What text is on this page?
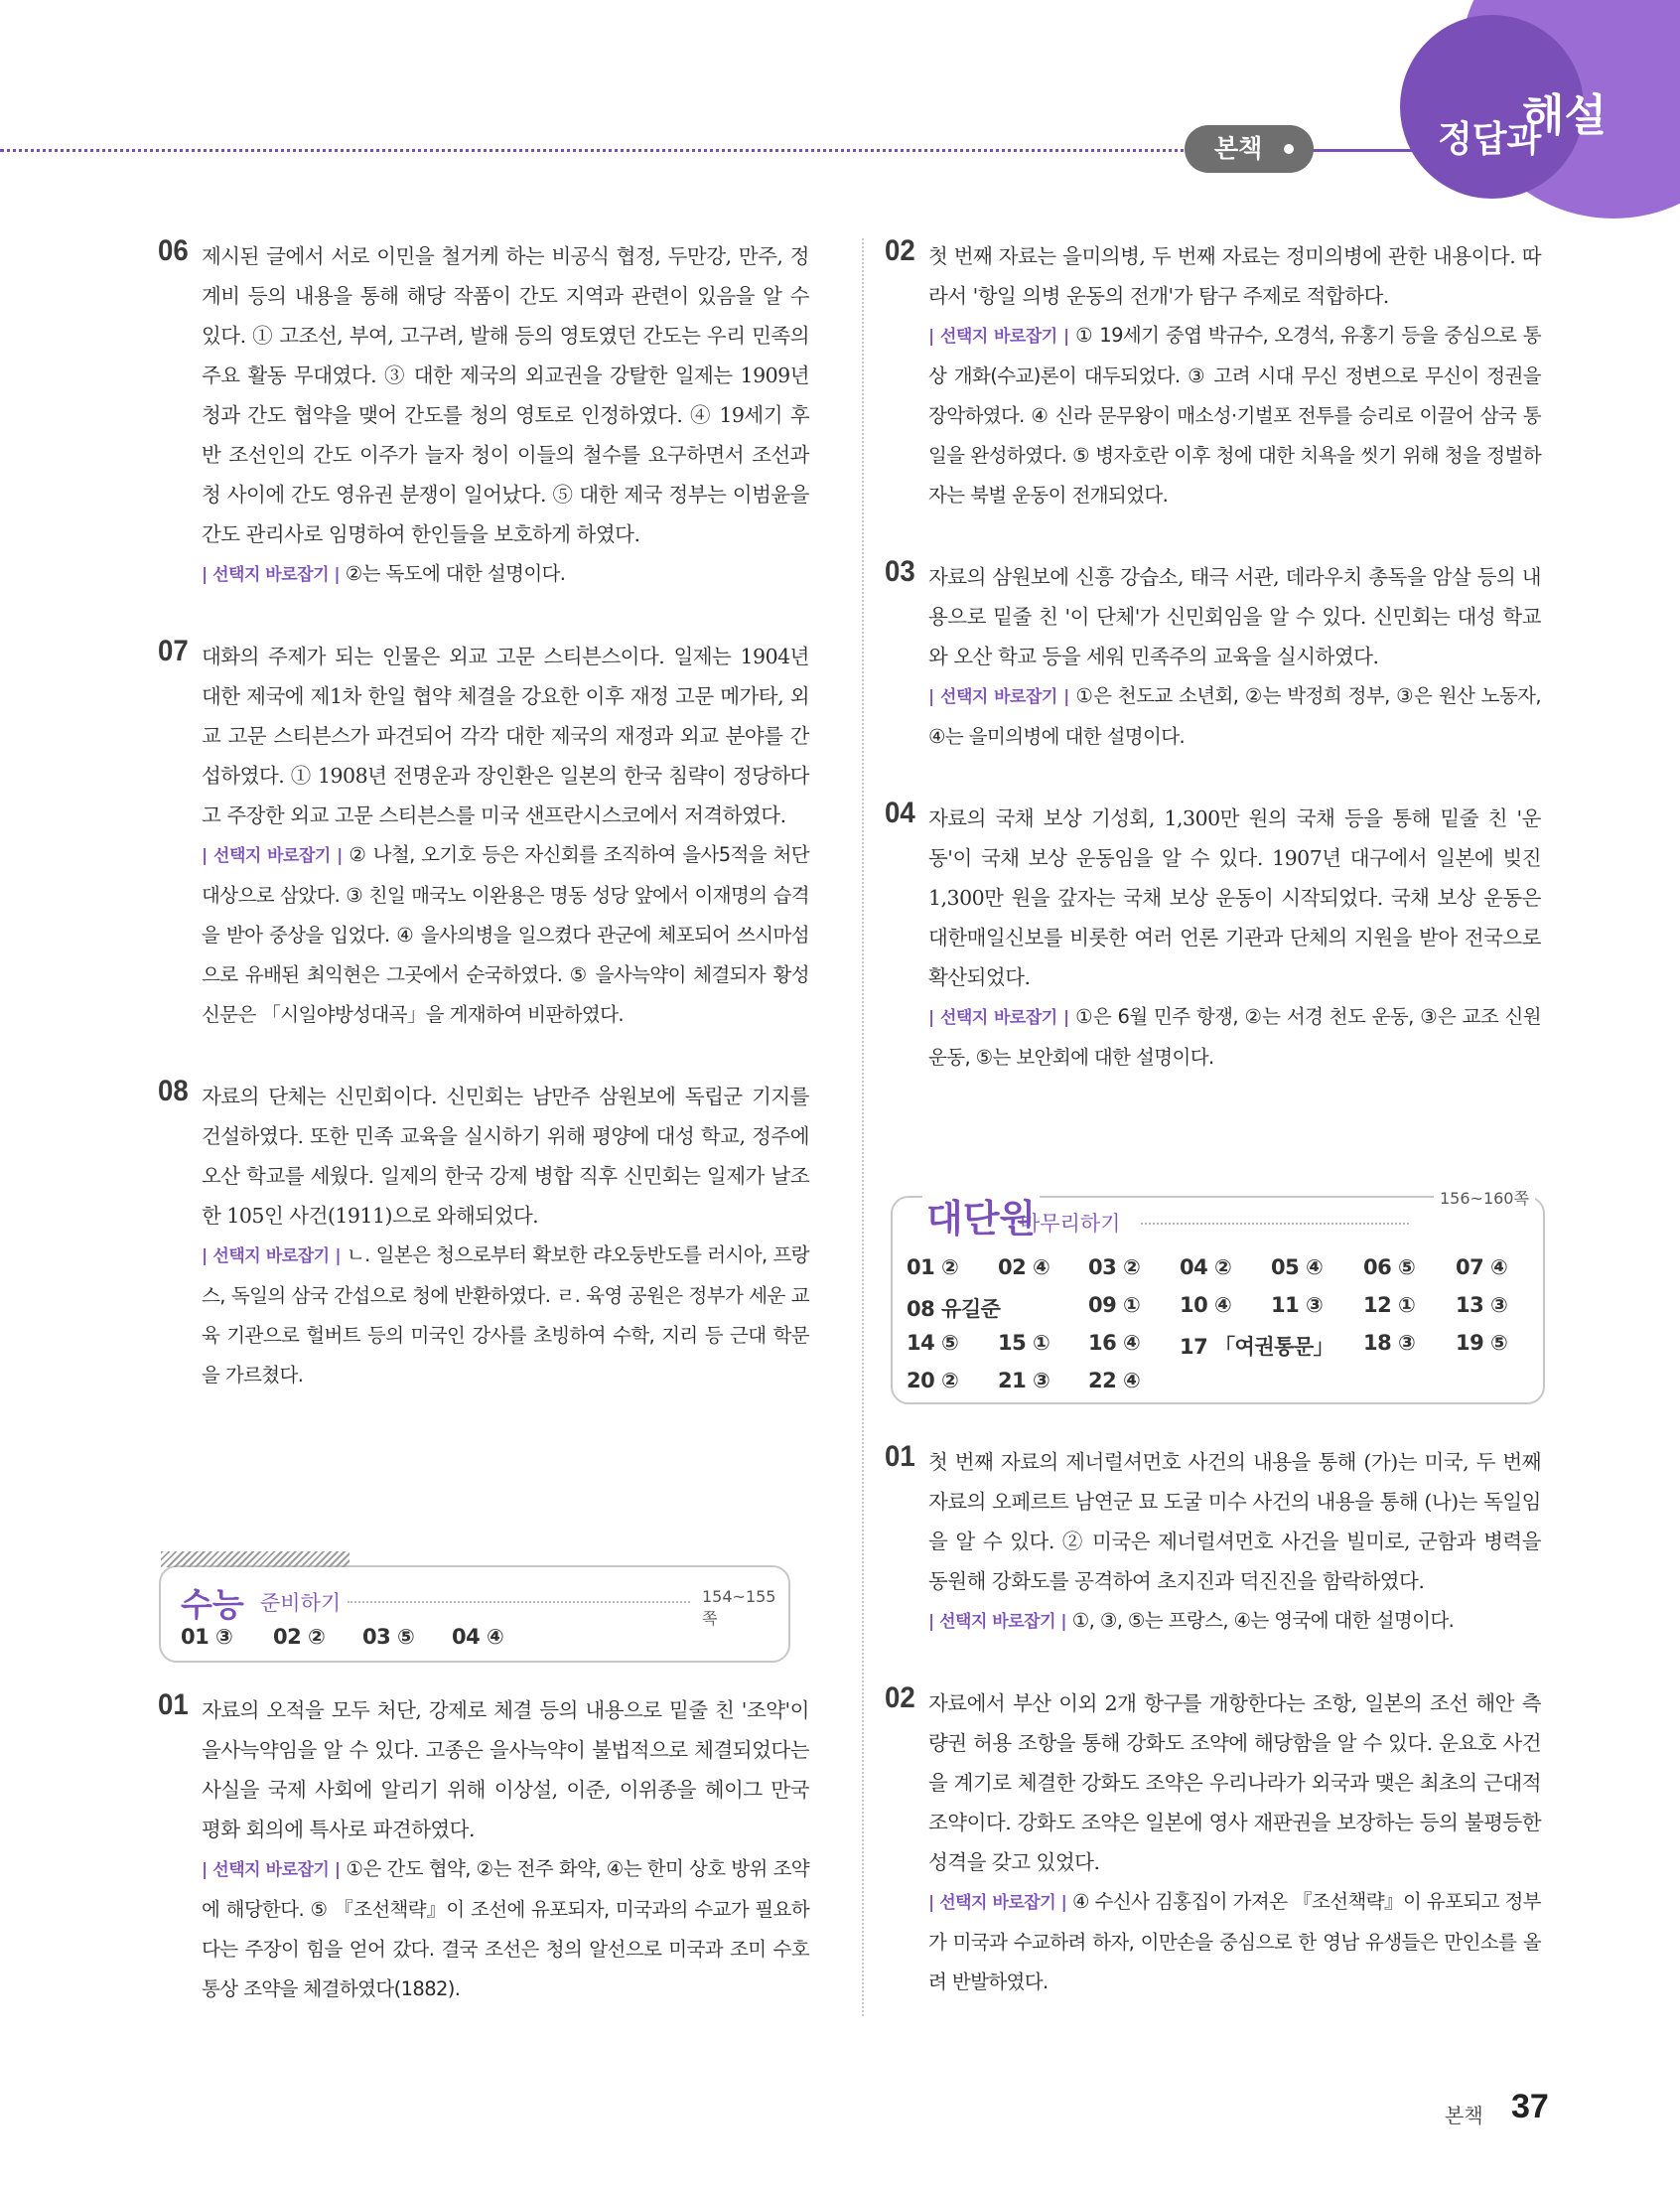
본책
해설
정답과
06 제시된 글에서 서로 이민을 철거케 하는 비공식 협정, 두만강, 만주, 정계비 등의 내용을 통해 해당 작품이 간도 지역과 관련이 있음을 알 수 있다. ① 고조선, 부여, 고구려, 발해 등의 영토였던 간도는 우리 민족의 주요 활동 무대였다. ③ 대한 제국의 외교권을 강탈한 일제는 1909년 청과 간도 협약을 맺어 간도를 청의 영토로 인정하였다. ④ 19세기 후반 조선인의 간도 이주가 늘자 청이 이들의 철수를 요구하면서 조선과 청 사이에 간도 영유권 분쟁이 일어났다. ⑤ 대한 제국 정부는 이범윤을 간도 관리사로 임명하여 한인들을 보호하게 하였다.

| 선택지 바로잡기 | ②는 독도에 대한 설명이다.

07 대화의 주제가 되는 인물은 외교 고문 스티븐스이다. 일제는 1904년 대한 제국에 제1차 한일 협약 체결을 강요한 이후 재정 고문 메가타, 외교 고문 스티븐스가 파견되어 각각 대한 제국의 재정과 외교 분야를 간섭하였다. ① 1908년 전명운과 장인환은 일본의 한국 침략이 정당하다고 주장한 외교 고문 스티븐스를 미국 샌프란시스코에서 저격하였다.

| 선택지 바로잡기 | ② 나철, 오기호 등은 자신회를 조직하여 을사5적을 처단 대상으로 삼았다. ③ 친일 매국노 이완용은 명동 성당 앞에서 이재명의 습격을 받아 중상을 입었다. ④ 을사의병을 일으켰다 관군에 체포되어 쓰시마섬으로 유배된 최익현은 그곳에서 순국하였다. ⑤ 을사늑약이 체결되자 황성신문은 「시일야방성대곡」을 게재하여 비판하였다.

08 자료의 단체는 신민회이다. 신민회는 남만주 삼원보에 독립군 기지를 건설하였다. 또한 민족 교육을 실시하기 위해 평양에 대성 학교, 정주에 오산 학교를 세웠다. 일제의 한국 강제 병합 직후 신민회는 일제가 날조한 105인 사건(1911)으로 와해되었다.

| 선택지 바로잡기 | ㄴ. 일본은 청으로부터 확보한 랴오둥반도를 러시아, 프랑스, 독일의 삼국 간섭으로 청에 반환하였다. ㄹ. 육영 공원은 정부가 세운 교육 기관으로 헐버트 등의 미국인 강사를 초빙하여 수학, 지리 등 근대 학문을 가르쳤다.

수능 준비하기	154~155쪽
01 ③ 02 ② 03 ⑤ 04 ④
01 자료의 오적을 모두 처단, 강제로 체결 등의 내용으로 밑줄 친 '조약'이 을사늑약임을 알 수 있다. 고종은 을사늑약이 불법적으로 체결되었다는 사실을 국제 사회에 알리기 위해 이상설, 이준, 이위종을 헤이그 만국 평화 회의에 특사로 파견하였다.

| 선택지 바로잡기 | ①은 간도 협약, ②는 전주 화약, ④는 한미 상호 방위 조약에 해당한다. ⑤ 『조선책략』이 조선에 유포되자, 미국과의 수교가 필요하다는 주장이 힘을 얻어 갔다. 결국 조선은 청의 알선으로 미국과 조미 수호 통상 조약을 체결하였다(1882).

02 첫 번째 자료는 을미의병, 두 번째 자료는 정미의병에 관한 내용이다. 따라서 '항일 의병 운동의 전개'가 탐구 주제로 적합하다.

| 선택지 바로잡기 | ① 19세기 중엽 박규수, 오경석, 유홍기 등을 중심으로 통상 개화(수교)론이 대두되었다. ③ 고려 시대 무신 정변으로 무신이 정권을 장악하였다. ④ 신라 문무왕이 매소성·기벌포 전투를 승리로 이끌어 삼국 통일을 완성하였다. ⑤ 병자호란 이후 청에 대한 치욕을 씻기 위해 청을 정벌하자는 북벌 운동이 전개되었다.

03 자료의 삼원보에 신흥 강습소, 태극 서관, 데라우치 총독을 암살 등의 내용으로 밑줄 친 '이 단체'가 신민회임을 알 수 있다. 신민회는 대성 학교와 오산 학교 등을 세워 민족주의 교육을 실시하였다.

| 선택지 바로잡기 | ①은 천도교 소년회, ②는 박정희 정부, ③은 원산 노동자, ④는 을미의병에 대한 설명이다.

04 자료의 국채 보상 기성회, 1,300만 원의 국채 등을 통해 밑줄 친 '운동'이 국채 보상 운동임을 알 수 있다. 1907년 대구에서 일본에 빚진 1,300만 원을 갚자는 국채 보상 운동이 시작되었다. 국채 보상 운동은 대한매일신보를 비롯한 여러 언론 기관과 단체의 지원을 받아 전국으로 확산되었다.

| 선택지 바로잡기 | ①은 6월 민주 항쟁, ②는 서경 천도 운동, ③은 교조 신원 운동, ⑤는 보안회에 대한 설명이다.

대단원
마무리하기
156~160쪽
01 ② 02 ④ 03 ② 04 ② 05 ④ 06 ⑤ 07 ④
08 유길준	09 ① 10 ④ 11 ③ 12 ① 13 ③
14 ⑤ 15 ① 16 ④ 17 「여권통문」 18 ③ 19 ⑤
20 ② 21 ③ 22 ④
01 첫 번째 자료의 제너럴셔먼호 사건의 내용을 통해 (가)는 미국, 두 번째 자료의 오페르트 남연군 묘 도굴 미수 사건의 내용을 통해 (나)는 독일임을 알 수 있다. ② 미국은 제너럴셔먼호 사건을 빌미로, 군함과 병력을 동원해 강화도를 공격하여 초지진과 덕진진을 함락하였다.

| 선택지 바로잡기 | ①, ③, ⑤는 프랑스, ④는 영국에 대한 설명이다.

02 자료에서 부산 이외 2개 항구를 개항한다는 조항, 일본의 조선 해안 측량권 허용 조항을 통해 강화도 조약에 해당함을 알 수 있다. 운요호 사건을 계기로 체결한 강화도 조약은 우리나라가 외국과 맺은 최초의 근대적 조약이다. 강화도 조약은 일본에 영사 재판권을 보장하는 등의 불평등한 성격을 갖고 있었다.

| 선택지 바로잡기 | ④ 수신사 김홍집이 가져온 『조선책략』이 유포되고 정부가 미국과 수교하려 하자, 이만손을 중심으로 한 영남 유생들은 만인소를 올려 반발하였다.

본책 37
